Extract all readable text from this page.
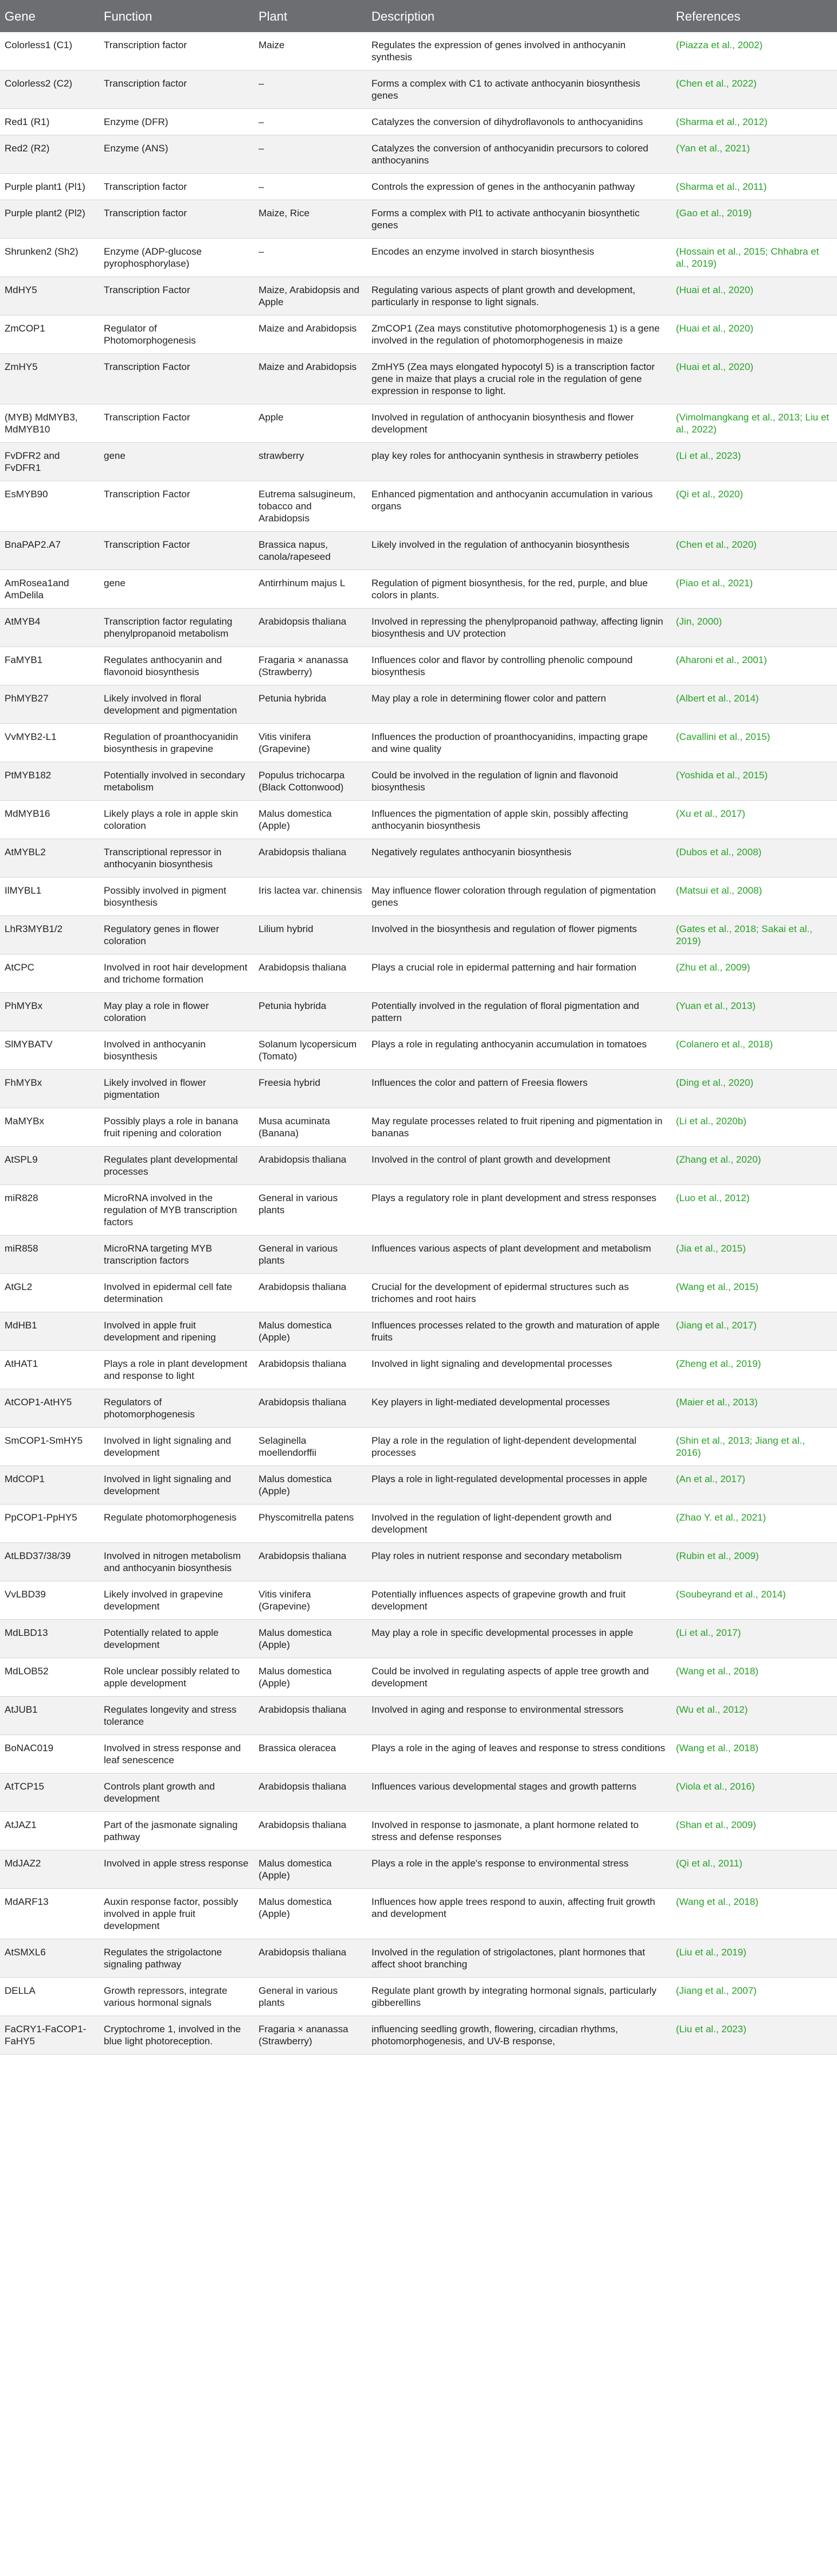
Gene	Function	Plant	Description	References
Colorless1 (C1)	Transcription factor	Maize	Regulates the expression of genes involved in anthocyanin synthesis	(Piazza et al., 2002)
Colorless2 (C2)	Transcription factor	–	Forms a complex with C1 to activate anthocyanin biosynthesis genes	(Chen et al., 2022)
Red1 (R1)	Enzyme (DFR)	–	Catalyzes the conversion of dihydroflavonols to anthocyanidins	(Sharma et al., 2012)
Red2 (R2)	Enzyme (ANS)	–	Catalyzes the conversion of anthocyanidin precursors to colored anthocyanins	(Yan et al., 2021)
Purple plant1 (Pl1)	Transcription factor	–	Controls the expression of genes in the anthocyanin pathway	(Sharma et al., 2011)
Purple plant2 (Pl2)	Transcription factor	Maize, Rice	Forms a complex with Pl1 to activate anthocyanin biosynthetic genes	(Gao et al., 2019)
Shrunken2 (Sh2)	Enzyme (ADP-glucose pyrophosphorylase)	–	Encodes an enzyme involved in starch biosynthesis	(Hossain et al., 2015; Chhabra et al., 2019)
MdHY5	Transcription Factor	Maize, Arabidopsis and Apple	Regulating various aspects of plant growth and development, particularly in response to light signals.	(Huai et al., 2020)
ZmCOP1	Regulator of Photomorphogenesis	Maize and Arabidopsis	ZmCOP1 (Zea mays constitutive photomorphogenesis 1) is a gene involved in the regulation of photomorphogenesis in maize	(Huai et al., 2020)
ZmHY5	Transcription Factor	Maize and Arabidopsis	ZmHY5 (Zea mays elongated hypocotyl 5) is a transcription factor gene in maize that plays a crucial role in the regulation of gene expression in response to light.	(Huai et al., 2020)
(MYB) MdMYB3, MdMYB10	Transcription Factor	Apple	Involved in regulation of anthocyanin biosynthesis and flower development	(Vimolmangkang et al., 2013; Liu et al., 2022)
FvDFR2 and FvDFR1	gene	strawberry	play key roles for anthocyanin synthesis in strawberry petioles	(Li et al., 2023)
EsMYB90	Transcription Factor	Eutrema salsugineum, tobacco and Arabidopsis	Enhanced pigmentation and anthocyanin accumulation in various organs	(Qi et al., 2020)
BnaPAP2.A7	Transcription Factor	Brassica napus, canola/rapeseed	Likely involved in the regulation of anthocyanin biosynthesis	(Chen et al., 2020)
AmRosea1and AmDelila	gene	Antirrhinum majus L	Regulation of pigment biosynthesis, for the red, purple, and blue colors in plants.	(Piao et al., 2021)
AtMYB4	Transcription factor regulating phenylpropanoid metabolism	Arabidopsis thaliana	Involved in repressing the phenylpropanoid pathway, affecting lignin biosynthesis and UV protection	(Jin, 2000)
FaMYB1	Regulates anthocyanin and flavonoid biosynthesis	Fragaria × ananassa (Strawberry)	Influences color and flavor by controlling phenolic compound biosynthesis	(Aharoni et al., 2001)
PhMYB27	Likely involved in floral development and pigmentation	Petunia hybrida	May play a role in determining flower color and pattern	(Albert et al., 2014)
VvMYB2-L1	Regulation of proanthocyanidin biosynthesis in grapevine	Vitis vinifera (Grapevine)	Influences the production of proanthocyanidins, impacting grape and wine quality	(Cavallini et al., 2015)
PtMYB182	Potentially involved in secondary metabolism	Populus trichocarpa (Black Cottonwood)	Could be involved in the regulation of lignin and flavonoid biosynthesis	(Yoshida et al., 2015)
MdMYB16	Likely plays a role in apple skin coloration	Malus domestica (Apple)	Influences the pigmentation of apple skin, possibly affecting anthocyanin biosynthesis	(Xu et al., 2017)
AtMYBL2	Transcriptional repressor in anthocyanin biosynthesis	Arabidopsis thaliana	Negatively regulates anthocyanin biosynthesis	(Dubos et al., 2008)
IlMYBL1	Possibly involved in pigment biosynthesis	Iris lactea var. chinensis	May influence flower coloration through regulation of pigmentation genes	(Matsui et al., 2008)
LhR3MYB1/2	Regulatory genes in flower coloration	Lilium hybrid	Involved in the biosynthesis and regulation of flower pigments	(Gates et al., 2018; Sakai et al., 2019)
AtCPC	Involved in root hair development and trichome formation	Arabidopsis thaliana	Plays a crucial role in epidermal patterning and hair formation	(Zhu et al., 2009)
PhMYBx	May play a role in flower coloration	Petunia hybrida	Potentially involved in the regulation of floral pigmentation and pattern	(Yuan et al., 2013)
SlMYBATV	Involved in anthocyanin biosynthesis	Solanum lycopersicum (Tomato)	Plays a role in regulating anthocyanin accumulation in tomatoes	(Colanero et al., 2018)
FhMYBx	Likely involved in flower pigmentation	Freesia hybrid	Influences the color and pattern of Freesia flowers	(Ding et al., 2020)
MaMYBx	Possibly plays a role in banana fruit ripening and coloration	Musa acuminata (Banana)	May regulate processes related to fruit ripening and pigmentation in bananas	(Li et al., 2020b)
AtSPL9	Regulates plant developmental processes	Arabidopsis thaliana	Involved in the control of plant growth and development	(Zhang et al., 2020)
miR828	MicroRNA involved in the regulation of MYB transcription factors	General in various plants	Plays a regulatory role in plant development and stress responses	(Luo et al., 2012)
miR858	MicroRNA targeting MYB transcription factors	General in various plants	Influences various aspects of plant development and metabolism	(Jia et al., 2015)
AtGL2	Involved in epidermal cell fate determination	Arabidopsis thaliana	Crucial for the development of epidermal structures such as trichomes and root hairs	(Wang et al., 2015)
MdHB1	Involved in apple fruit development and ripening	Malus domestica (Apple)	Influences processes related to the growth and maturation of apple fruits	(Jiang et al., 2017)
AtHAT1	Plays a role in plant development and response to light	Arabidopsis thaliana	Involved in light signaling and developmental processes	(Zheng et al., 2019)
AtCOP1-AtHY5	Regulators of photomorphogenesis	Arabidopsis thaliana	Key players in light-mediated developmental processes	(Maier et al., 2013)
SmCOP1-SmHY5	Involved in light signaling and development	Selaginella moellendorffii	Play a role in the regulation of light-dependent developmental processes	(Shin et al., 2013; Jiang et al., 2016)
MdCOP1	Involved in light signaling and development	Malus domestica (Apple)	Plays a role in light-regulated developmental processes in apple	(An et al., 2017)
PpCOP1-PpHY5	Regulate photomorphogenesis	Physcomitrella patens	Involved in the regulation of light-dependent growth and development	(Zhao Y. et al., 2021)
AtLBD37/38/39	Involved in nitrogen metabolism and anthocyanin biosynthesis	Arabidopsis thaliana	Play roles in nutrient response and secondary metabolism	(Rubin et al., 2009)
VvLBD39	Likely involved in grapevine development	Vitis vinifera (Grapevine)	Potentially influences aspects of grapevine growth and fruit development	(Soubeyrand et al., 2014)
MdLBD13	Potentially related to apple development	Malus domestica (Apple)	May play a role in specific developmental processes in apple	(Li et al., 2017)
MdLOB52	Role unclear possibly related to apple development	Malus domestica (Apple)	Could be involved in regulating aspects of apple tree growth and development	(Wang et al., 2018)
AtJUB1	Regulates longevity and stress tolerance	Arabidopsis thaliana	Involved in aging and response to environmental stressors	(Wu et al., 2012)
BoNAC019	Involved in stress response and leaf senescence	Brassica oleracea	Plays a role in the aging of leaves and response to stress conditions	(Wang et al., 2018)
AtTCP15	Controls plant growth and development	Arabidopsis thaliana	Influences various developmental stages and growth patterns	(Viola et al., 2016)
AtJAZ1	Part of the jasmonate signaling pathway	Arabidopsis thaliana	Involved in response to jasmonate, a plant hormone related to stress and defense responses	(Shan et al., 2009)
MdJAZ2	Involved in apple stress response	Malus domestica (Apple)	Plays a role in the apple's response to environmental stress	(Qi et al., 2011)
MdARF13	Auxin response factor, possibly involved in apple fruit development	Malus domestica (Apple)	Influences how apple trees respond to auxin, affecting fruit growth and development	(Wang et al., 2018)
AtSMXL6	Regulates the strigolactone signaling pathway	Arabidopsis thaliana	Involved in the regulation of strigolactones, plant hormones that affect shoot branching	(Liu et al., 2019)
DELLA	Growth repressors, integrate various hormonal signals	General in various plants	Regulate plant growth by integrating hormonal signals, particularly gibberellins	(Jiang et al., 2007)
FaCRY1-FaCOP1-FaHY5	Cryptochrome 1, involved in the blue light photoreception.	Fragaria × ananassa (Strawberry)	influencing seedling growth, flowering, circadian rhythms, photomorphogenesis, and UV-B response,	(Liu et al., 2023)
